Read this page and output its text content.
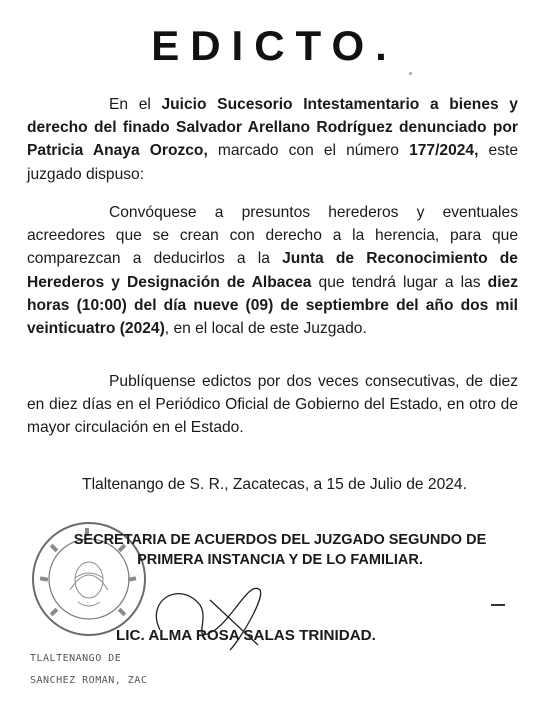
EDICTO.

En el Juicio Sucesorio Intestamentario a bienes y derecho del finado Salvador Arellano Rodríguez denunciado por Patricia Anaya Orozco, marcado con el número 177/2024, este juzgado dispuso:

Convóquese a presuntos herederos y eventuales acreedores que se crean con derecho a la herencia, para que comparezcan a deducirlos a la Junta de Reconocimiento de Herederos y Designación de Albacea que tendrá lugar a las diez horas (10:00) del día nueve (09) de septiembre del año dos mil veinticuatro (2024), en el local de este Juzgado.

Publíquense edictos por dos veces consecutivas, de diez en diez días en el Periódico Oficial de Gobierno del Estado, en otro de mayor circulación en el Estado.

Tlaltenango de S. R., Zacatecas, a 15 de Julio de 2024.
SECRETARIA DE ACUERDOS DEL JUZGADO SEGUNDO DE PRIMERA INSTANCIA Y DE LO FAMILIAR.
LIC. ALMA ROSA SALAS TRINIDAD.
TLALTENANGO DE
SANCHEZ ROMAN, ZAC
